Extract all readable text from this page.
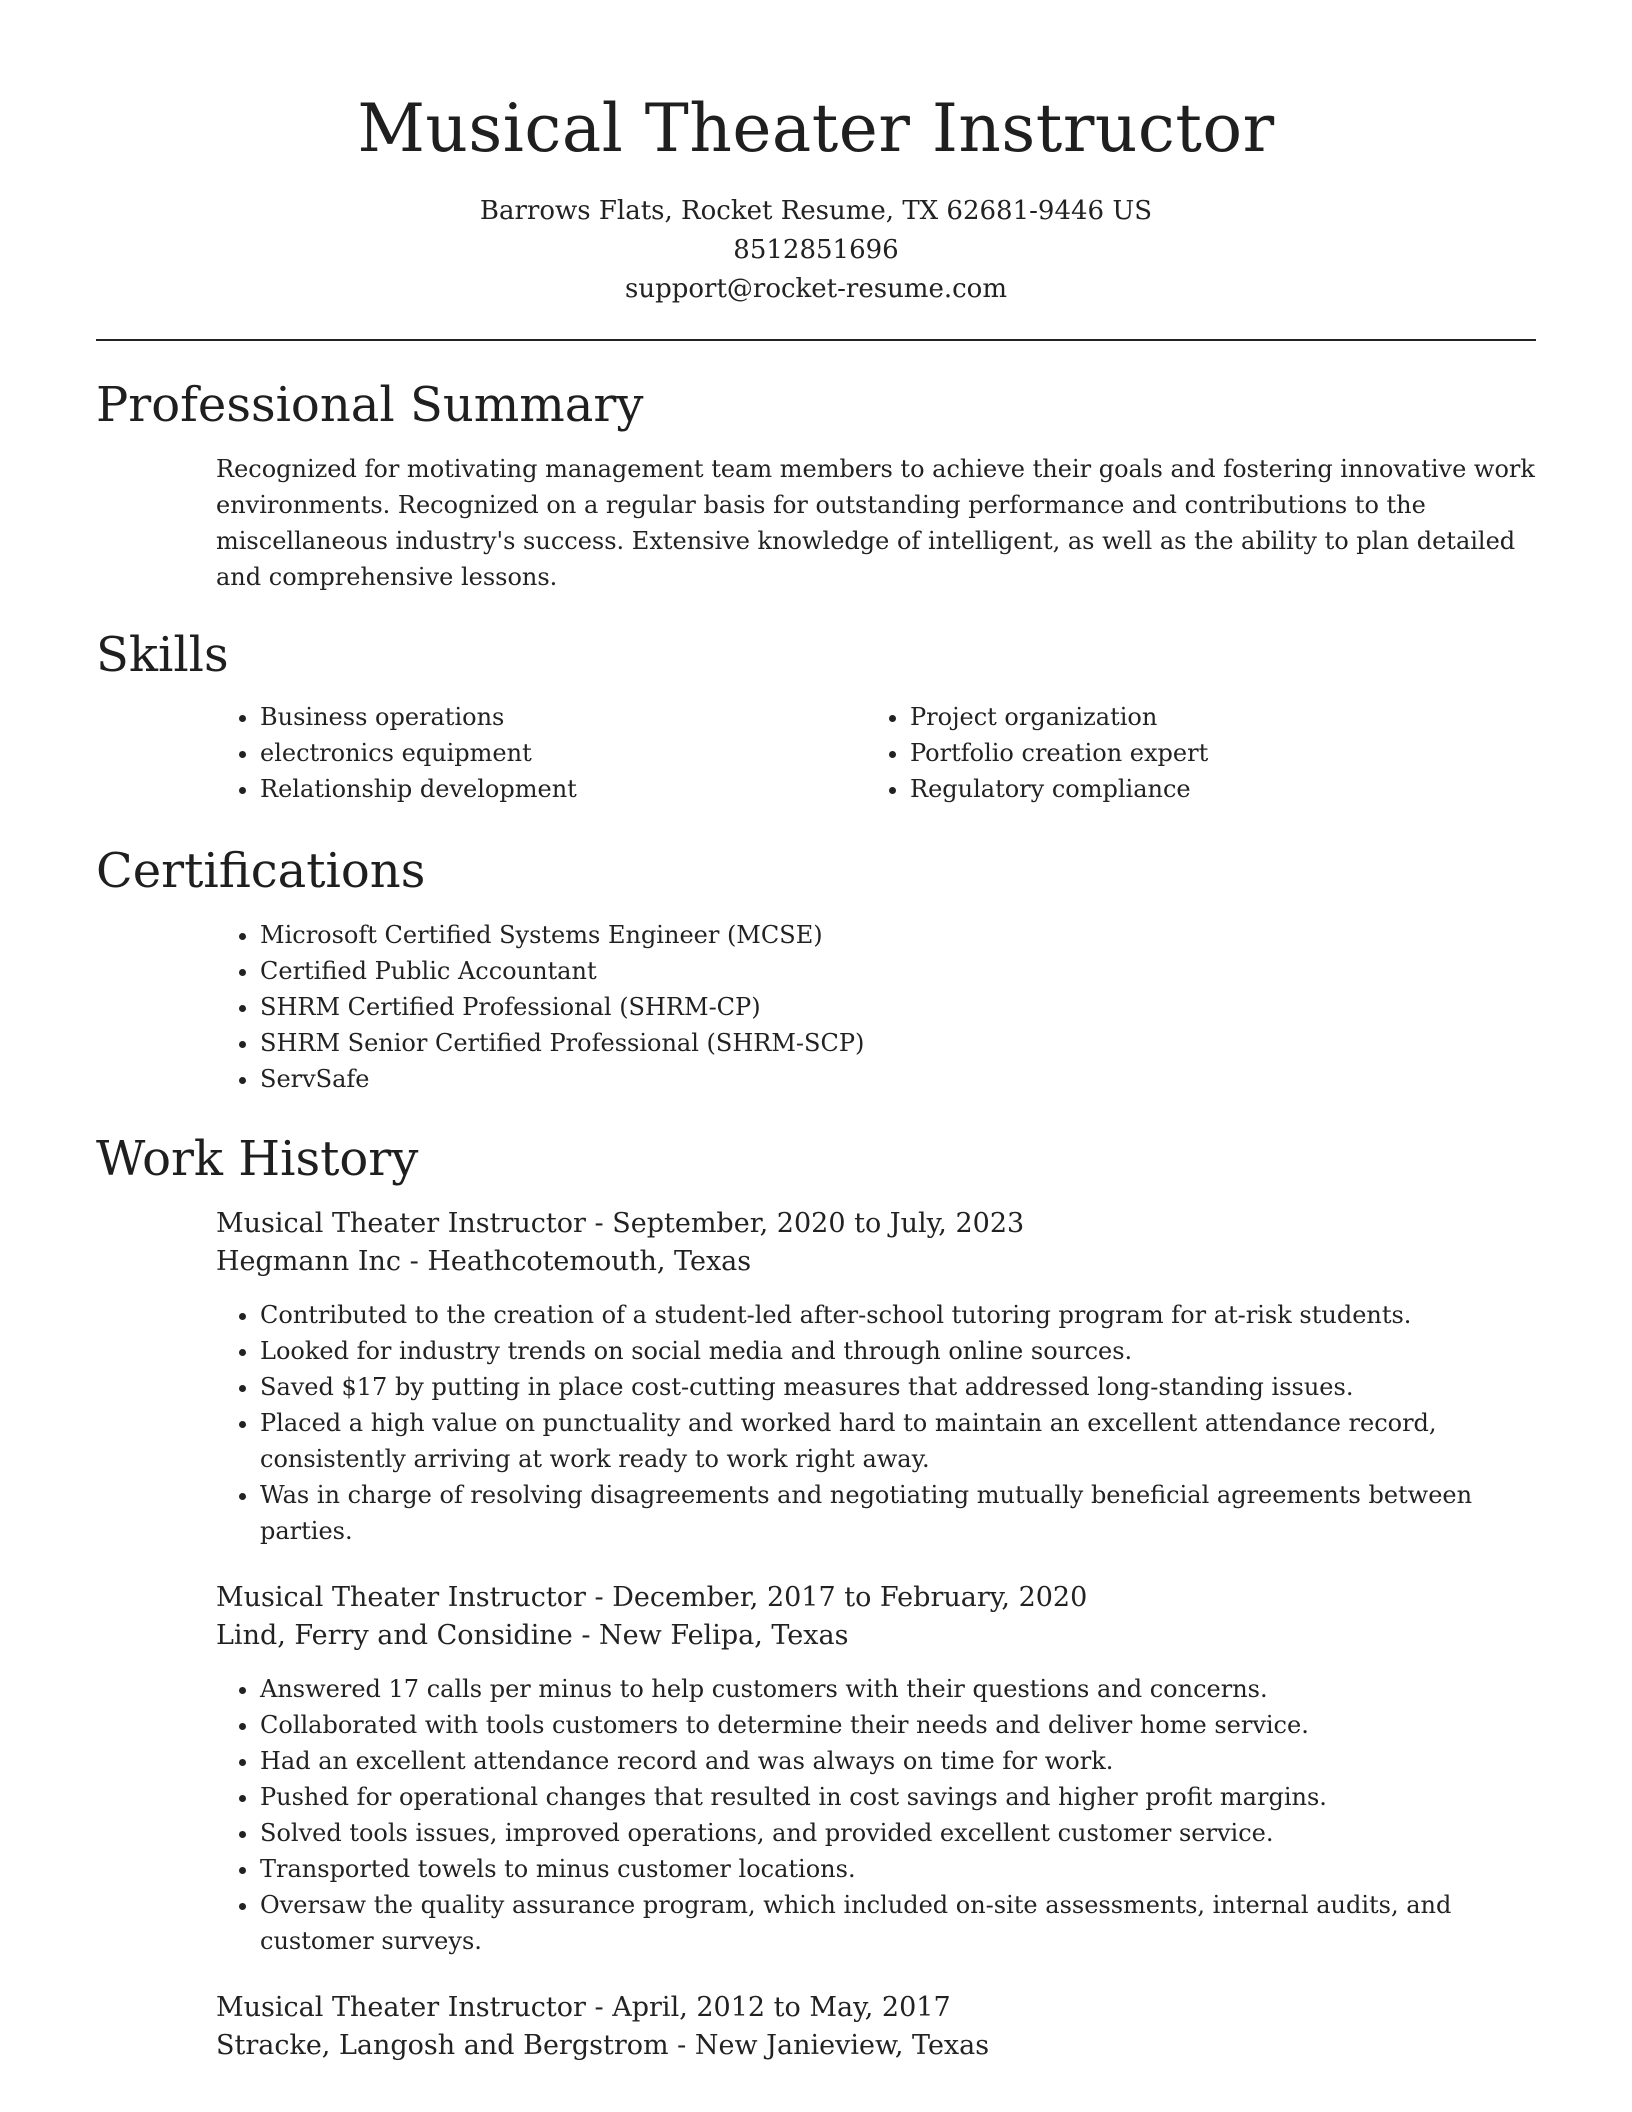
Musical Theater Instructor
Barrows Flats, Rocket Resume, TX 62681-9446 US
8512851696
support@rocket-resume.com
Professional Summary

Recognized for motivating management team members to achieve their goals and fostering innovative work environments. Recognized on a regular basis for outstanding performance and contributions to the miscellaneous industry's success. Extensive knowledge of intelligent, as well as the ability to plan detailed and comprehensive lessons.

Skills
• Business operations
• electronics equipment
• Relationship development
• Project organization
• Portfolio creation expert
• Regulatory compliance
Certifications
• Microsoft Certified Systems Engineer (MCSE)
• Certified Public Accountant
• SHRM Certified Professional (SHRM-CP)
• SHRM Senior Certified Professional (SHRM-SCP)
• ServSafe
Work History
Musical Theater Instructor - September, 2020 to July, 2023
Hegmann Inc - Heathcotemouth, Texas
• Contributed to the creation of a student-led after-school tutoring program for at-risk students.
• Looked for industry trends on social media and through online sources.
• Saved $17 by putting in place cost-cutting measures that addressed long-standing issues.
• Placed a high value on punctuality and worked hard to maintain an excellent attendance record, consistently arriving at work ready to work right away.
• Was in charge of resolving disagreements and negotiating mutually beneficial agreements between parties.
Musical Theater Instructor - December, 2017 to February, 2020
Lind, Ferry and Considine - New Felipa, Texas
• Answered 17 calls per minus to help customers with their questions and concerns.
• Collaborated with tools customers to determine their needs and deliver home service.
• Had an excellent attendance record and was always on time for work.
• Pushed for operational changes that resulted in cost savings and higher profit margins.
• Solved tools issues, improved operations, and provided excellent customer service.
• Transported towels to minus customer locations.
• Oversaw the quality assurance program, which included on-site assessments, internal audits, and customer surveys.
Musical Theater Instructor - April, 2012 to May, 2017
Stracke, Langosh and Bergstrom - New Janieview, Texas
